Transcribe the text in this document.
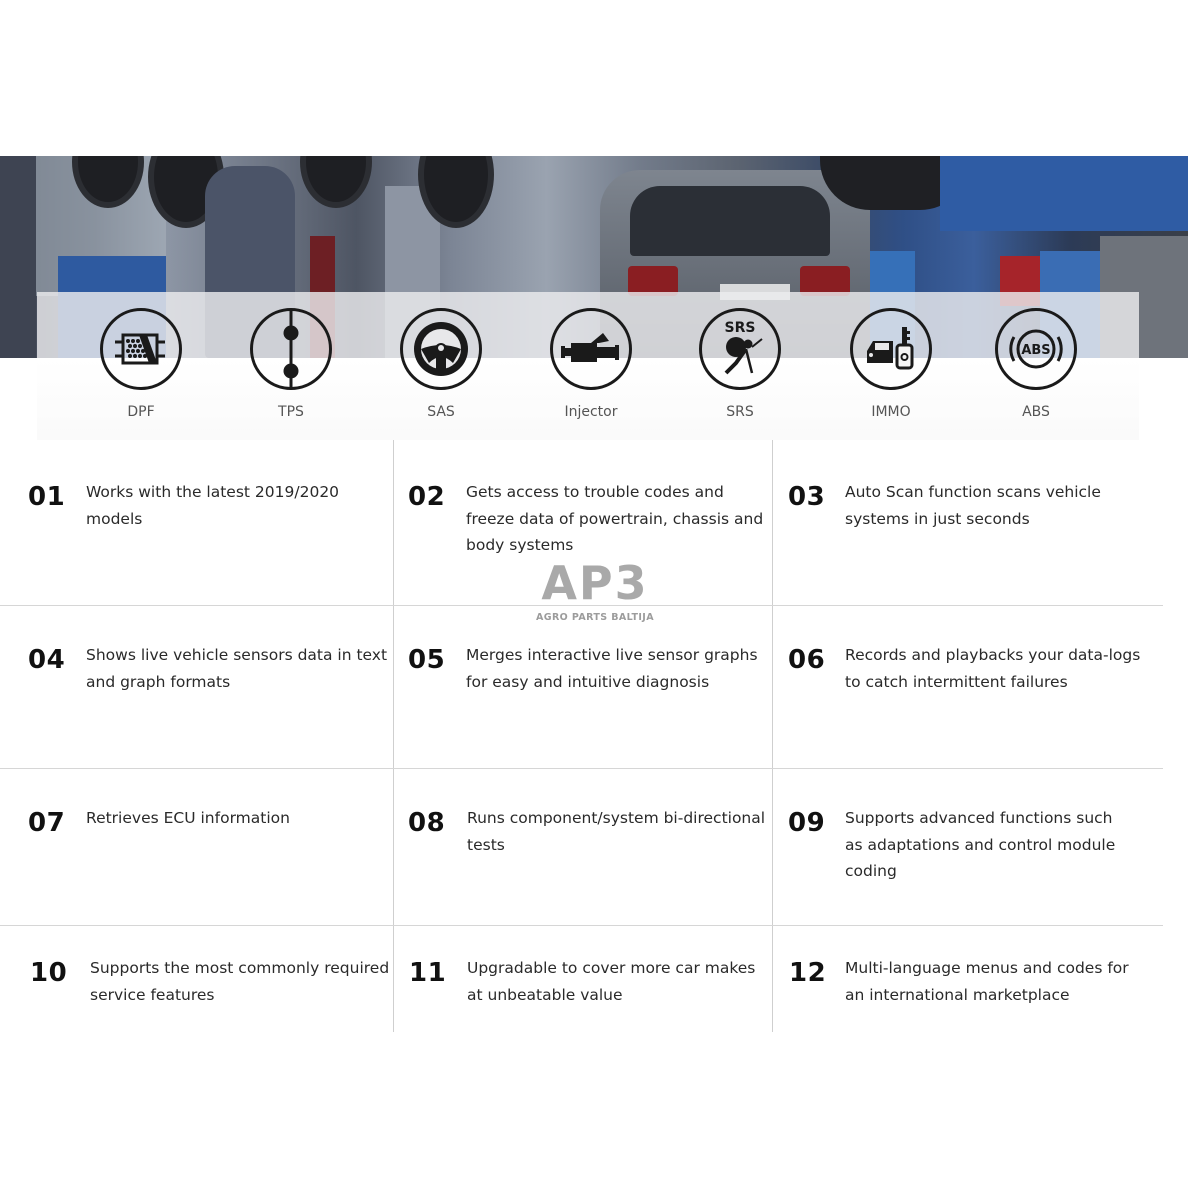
DPF	TPS	SAS	Injector
SRS
SRS	IMMO
ABS
ABS
01 Works with the latest 2019/2020
models
02 Gets access to trouble codes and
freeze data of powertrain, chassis and
body systems
03 Auto Scan function scans vehicle
systems in just seconds
04 Shows live vehicle sensors data in text
and graph formats
05 Merges interactive live sensor graphs
for easy and intuitive diagnosis
06 Records and playbacks your data-logs
to catch intermittent failures
07 Retrieves ECU information	08 Runs component/system bi-directional
tests
09 Supports advanced functions such
as adaptations and control module
coding
10 Supports the most commonly required
service features
11 Upgradable to cover more car makes
at unbeatable value
12 Multi-language menus and codes for
an international marketplace
AP3
AGRO PARTS BALTIJA
